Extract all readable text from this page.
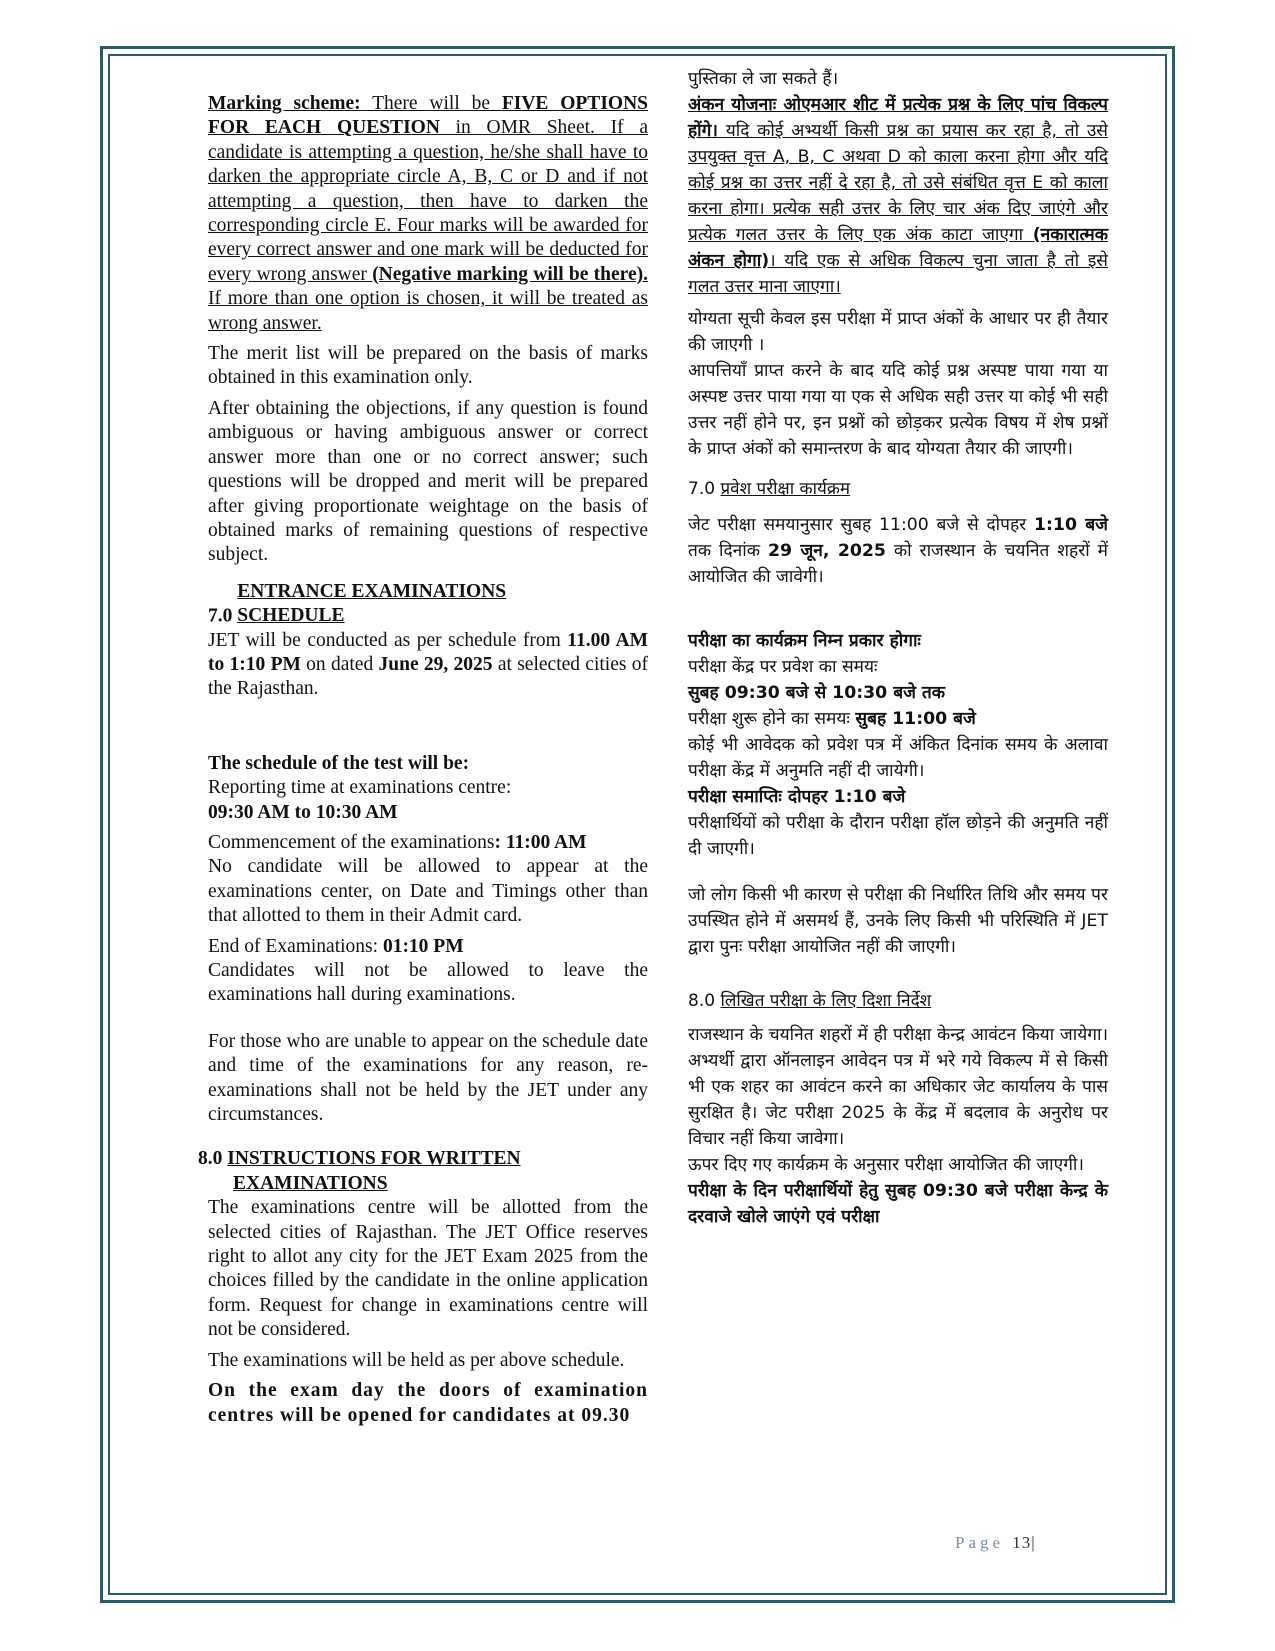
Marking scheme: There will be FIVE OPTIONS FOR EACH QUESTION in OMR Sheet. If a candidate is attempting a question, he/she shall have to darken the appropriate circle A, B, C or D and if not attempting a question, then have to darken the corresponding circle E. Four marks will be awarded for every correct answer and one mark will be deducted for every wrong answer (Negative marking will be there). If more than one option is chosen, it will be treated as wrong answer.

The merit list will be prepared on the basis of marks obtained in this examination only.

After obtaining the objections, if any question is found ambiguous or having ambiguous answer or correct answer more than one or no correct answer; such questions will be dropped and merit will be prepared after giving proportionate weightage on the basis of obtained marks of remaining questions of respective subject.

7.0 ENTRANCE EXAMINATIONS SCHEDULE

JET will be conducted as per schedule from 11.00 AM to 1:10 PM on dated June 29, 2025 at selected cities of the Rajasthan.

The schedule of the test will be:

Reporting time at examinations centre:

09:30 AM to 10:30 AM

Commencement of the examinations: 11:00 AM

No candidate will be allowed to appear at the examinations center, on Date and Timings other than that allotted to them in their Admit card.

End of Examinations: 01:10 PM

Candidates will not be allowed to leave the examinations hall during examinations.

For those who are unable to appear on the schedule date and time of the examinations for any reason, re-examinations shall not be held by the JET under any circumstances.

8.0 INSTRUCTIONS FOR WRITTEN
EXAMINATIONS

The examinations centre will be allotted from the selected cities of Rajasthan. The JET Office reserves right to allot any city for the JET Exam 2025 from the choices filled by the candidate in the online application form. Request for change in examinations centre will not be considered.

The examinations will be held as per above schedule.

On the exam day the doors of examination centres will be opened for candidates at 09.30

पुस्तिका ले जा सकते हैं।

अंकन योजनाः ओएमआर शीट में प्रत्येक प्रश्न के लिए पांच विकल्प होंगे। यदि कोई अभ्यर्थी किसी प्रश्न का प्रयास कर रहा है, तो उसे उपयुक्त वृत्त A, B, C अथवा D को काला करना होगा और यदि कोई प्रश्न का उत्तर नहीं दे रहा है, तो उसे संबंधित वृत्त E को काला करना होगा। प्रत्येक सही उत्तर के लिए चार अंक दिए जाएंगे और प्रत्येक गलत उत्तर के लिए एक अंक काटा जाएगा (नकारात्मक अंकन होगा)। यदि एक से अधिक विकल्प चुना जाता है तो इसे गलत उत्तर माना जाएगा।

योग्यता सूची केवल इस परीक्षा में प्राप्त अंकों के आधार पर ही तैयार की जाएगी ।

आपत्तियाँ प्राप्त करने के बाद यदि कोई प्रश्न अस्पष्ट पाया गया या अस्पष्ट उत्तर पाया गया या एक से अधिक सही उत्तर या कोई भी सही उत्तर नहीं होने पर, इन प्रश्नों को छोड़कर प्रत्येक विषय में शेष प्रश्नों के प्राप्त अंकों को समान्तरण के बाद योग्यता तैयार की जाएगी।

7.0 प्रवेश परीक्षा कार्यक्रम

जेट परीक्षा समयानुसार सुबह 11:00 बजे से दोपहर 1:10 बजे तक दिनांक 29 जून, 2025 को राजस्थान के चयनित शहरों में आयोजित की जावेगी।

परीक्षा का कार्यक्रम निम्न प्रकार होगाः

परीक्षा केंद्र पर प्रवेश का समयः

सुबह 09:30 बजे से 10:30 बजे तक

परीक्षा शुरू होने का समयः सुबह 11:00 बजे

कोई भी आवेदक को प्रवेश पत्र में अंकित दिनांक समय के अलावा परीक्षा केंद्र में अनुमति नहीं दी जायेगी।

परीक्षा समाप्तिः दोपहर 1:10 बजे

परीक्षार्थियों को परीक्षा के दौरान परीक्षा हॉल छोड़ने की अनुमति नहीं दी जाएगी।

जो लोग किसी भी कारण से परीक्षा की निर्धारित तिथि और समय पर उपस्थित होने में असमर्थ हैं, उनके लिए किसी भी परिस्थिति में JET द्वारा पुनः परीक्षा आयोजित नहीं की जाएगी।

8.0 लिखित परीक्षा के लिए दिशा निर्देश

राजस्थान के चयनित शहरों में ही परीक्षा केन्द्र आवंटन किया जायेगा। अभ्यर्थी द्वारा ऑनलाइन आवेदन पत्र में भरे गये विकल्प में से किसी भी एक शहर का आवंटन करने का अधिकार जेट कार्यालय के पास सुरक्षित है। जेट परीक्षा 2025 के केंद्र में बदलाव के अनुरोध पर विचार नहीं किया जावेगा।

ऊपर दिए गए कार्यक्रम के अनुसार परीक्षा आयोजित की जाएगी।

परीक्षा के दिन परीक्षार्थियों हेतु सुबह 09:30 बजे परीक्षा केन्द्र के दरवाजे खोले जाएंगे एवं परीक्षा

Page 13|
